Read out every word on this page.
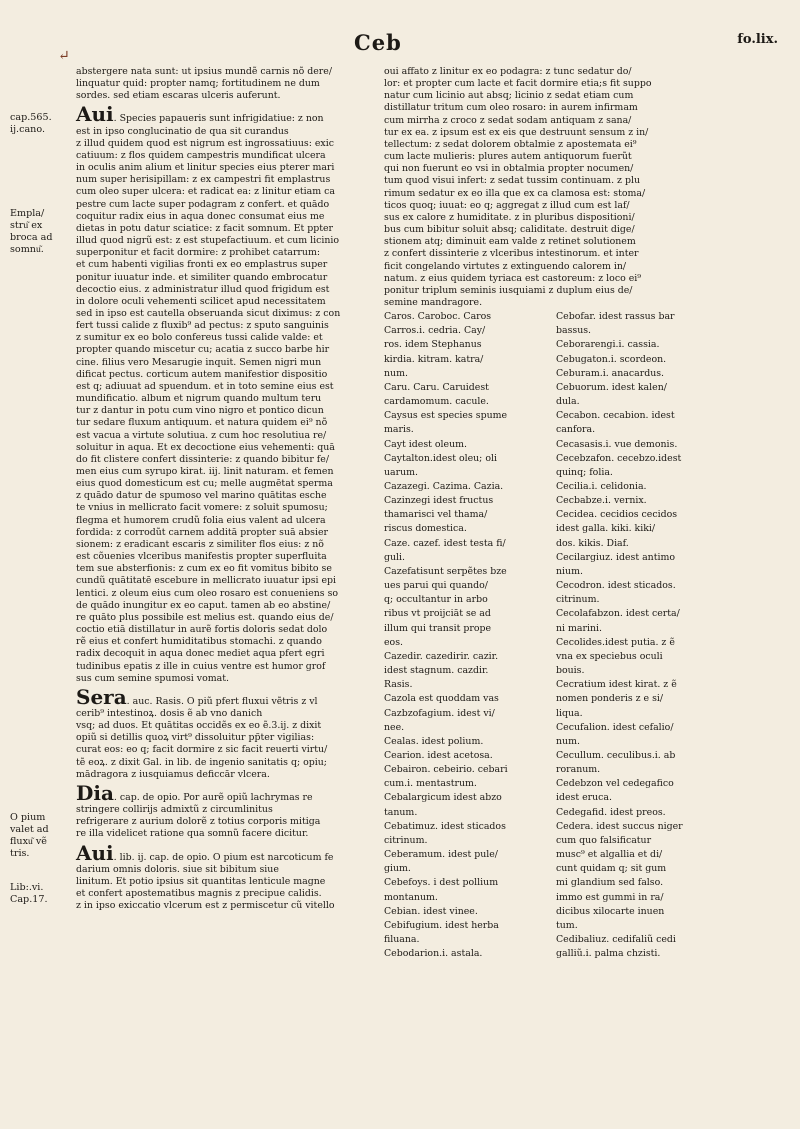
Ceb	fo.lix.
↵
cap.565.
ij.cano.
Empla/
stru͂ ex
broca ad
somnu͂.
O pium
valet ad
fluxu͂ vẽ
tris.
Lib:.vi.
Cap.17.
abstergere nata sunt: ut ipsius mundẽ carnis nõ dere/
linquatur quid: propter namq; fortitudinem ne dum
sordes. sed etiam escaras ulceris auferunt.
Aui. Species papaueris sunt infrigidatiue: z non
est in ipso conglucinatio de qua sit curandus
z illud quidem quod est nigrum est ingrossatiuus: exic
catiuum: z flos quidem campestris mundificat ulcera
in oculis anim alium et linitur species eius pterer mari
num super herisipillam: z ex campestri fit emplastrus
cum oleo super ulcera: et radicat ea: z linitur etiam ca
pestre cum lacte super podagram z confert. et quādo
coquitur radix eius in aqua donec consumat eius me
dietas in potu datur sciatice: z facit somnum. Et ppter
illud quod nigrũ est: z est stupefactiuum. et cum licinio
superponitur et facit dormire: z prohibet catarrum:
et cum habenti vigilias fronti ex eo emplastrus super
ponitur iuuatur inde. et similiter quando embrocatur
decoctio eius. z administratur illud quod frigidum est
in dolore oculi vehementi scilicet apud necessitatem
sed in ipso est cautella obseruanda sicut diximus: z con
fert tussi calide z fluxib⁹ ad pectus: z sputo sanguinis
z sumitur ex eo bolo confereus tussi calide valde: et
propter quando miscetur cu; acatia z succo barbe hir
cine. filius vero Mesarugie inquit. Semen nigri mun
dificat pectus. corticum autem manifestior dispositio
est q; adiuuat ad spuendum. et in toto semine eius est
mundificatio. album et nigrum quando multum teru
tur z dantur in potu cum vino nigro et pontico dicun
tur sedare fluxum antiquum. et natura quidem ei⁹ nõ
est vacua a virtute solutiua. z cum hoc resolutiua re/
soluitur in aqua. Et ex decoctione eius vehementi: quā
do fit clistere confert dissinterie: z quando bibitur fe/
men eius cum syrupo kirat. iij. linit naturam. et femen
eius quod domesticum est cu; melle augmētat sperma
z quādo datur de spumoso vel marino quātitas esche
te vnius in mellicrato facit vomere: z soluit spumosu;
flegma et humorem crudũ folia eius valent ad ulcera
fordida: z corrodũt carnem additā propter suā absier
sionem: z eradicant escaris z similiter flos eius: z nõ
est cõuenies vlceribus manifestis propter superfluita
tem sue absterfionis: z cum ex eo fit vomitus bibito se
cundũ quātitatē escebure in mellicrato iuuatur ipsi epi
lentici. z oleum eius cum oleo rosaro est conueniens so
de quādo inungitur ex eo caput. tamen ab eo abstine/
re quāto plus possibile est melius est. quando eius de/
coctio etiā distillatur in aurẽ fortis doloris sedat dolo
rẽ eius et confert humiditatibus stomachi. z quando
radix decoquit in aqua donec mediet aqua pfert egri
tudinibus epatis z ille in cuius ventre est humor grof
sus cum semine spumosi vomat.
Sera. auc. Rasis. O piũ pfert fluxui vẽtris z vl
cerib⁹ intestinoꝝ. dosis ẽ ab vno danich
vsq; ad duos. Et quātitas occidẽs ex eo ẽ.3.ij. z dixit
opiũ si detillis quoꝝ virt⁹ dissoluitur pp̃ter vigilias:
curat eos: eo q; facit dormire z sic facit reuerti virtu/
tẽ eoꝝ. z dixit Gal. in lib. de ingenio sanitatis q; opiu;
mādragora z iusquiamus deficcār vlcera.
Dia. cap. de opio. Por aurẽ opiũ lachrymas re
stringere collirijs admixtũ z circumlinitus
refrigerare z aurium dolorẽ z totius corporis mitiga
re illa videlicet ratione qua somnũ facere dicitur.
Aui. lib. ij. cap. de opio. O pium est narcoticum fe
darium omnis doloris. siue sit bibitum siue
linitum. Et potio ipsius sit quantitas lenticule magne
et confert apostematibus magnis z precipue calidis.
z in ipso exiccatio vlcerum est z permiscetur cũ vitello
oui affato z linitur ex eo podagra: z tunc sedatur do/
lor: et propter cum lacte et facit dormire etia;s fit suppo
natur cum licinio aut absq; licinio z sedat etiam cum
distillatur tritum cum oleo rosaro: in aurem infirmam
cum mirrha z croco z sedat sodam antiquam z sana/
tur ex ea. z ipsum est ex eis que destruunt sensum z in/
tellectum: z sedat dolorem obtalmie z apostemata ei⁹
cum lacte mulieris: plures autem antiquorum fuerũt
qui non fuerunt eo vsi in obtalmia propter nocumen/
tum quod visui infert: z sedat tussim continuam. z plu
rimum sedatur ex eo illa que ex ca clamosa est: stoma/
ticos quoq; iuuat: eo q; aggregat z illud cum est laf/
sus ex calore z humiditate. z in pluribus dispositioni/
bus cum bibitur soluit absq; caliditate. destruit dige/
stionem atq; diminuit eam valde z retinet solutionem
z confert dissinterie z vlceribus intestinorum. et inter
ficit congelando virtutes z extinguendo calorem in/
natum. z eius quidem tyriaca est castoreum: z loco ei⁹
ponitur triplum seminis iusquiami z duplum eius de/
semine mandragore.
Caros. Caroboc. Caros	Cebofar. idest rassus bar
Carros.i. cedria. Cay/	bassus.
ros. idem Stephanus	Ceborarengi.i. cassia.
kirdia. kitram. katra/	Cebugaton.i. scordeon.
num.	Ceburam.i. anacardus.
Caru. Caru. Caruidest	Cebuorum. idest kalen/
cardamomum. cacule.	dula.
Caysus est species spume	Cecabon. cecabion. idest
maris.	canfora.
Cayt idest oleum.	Cecasasis.i. vue demonis.
Caytalton.idest oleu; oli	Cecebzafon. cecebzo.idest
uarum.	quinq; folia.
Cazazegi. Cazima. Cazia.	Cecilia.i. celidonia.
Cazinzegi idest fructus	Cecbabze.i. vernix.
thamarisci vel thama/	Cecidea. cecidios cecidos
riscus domestica.	idest galla. kiki. kiki/
Caze. cazef. idest testa fi/	dos. kikis. Diaf.
guli.	Cecilargiuz. idest antimo
Cazefatisunt serpẽtes bze	nium.
ues parui qui quando/	Cecodron. idest sticados.
q; occultantur in arbo	citrinum.
ribus vt proijciāt se ad	Cecolafabzon. idest certa/
illum qui transit prope	ni marini.
eos.	Cecolides.idest putia. z ẽ
Cazedir. cazedirir. cazir.	vna ex speciebus oculi
idest stagnum. cazdir.	bouis.
Rasis.	Cecratium idest kirat. z ẽ
Cazola est quoddam vas	nomen ponderis z e si/
Cazbzofagium. idest vi/	liqua.
nee.	Cecufalion. idest cefalio/
Cealas. idest polium.	num.
Cearion. idest acetosa.	Cecullum. ceculibus.i. ab
Cebairon. cebeirio. cebari	roranum.
cum.i. mentastrum.	Cedebzon vel cedegafico
Cebalargicum idest abzo	idest eruca.
tanum.	Cedegafid. idest preos.
Cebatimuz. idest sticados	Cedera. idest succus niger
citrinum.	cum quo falsificatur
Ceberamum. idest pule/	musc⁹ et algallia et di/
gium.	cunt quidam q; sit gum
Cebefoys. i dest pollium	mi glandium sed falso.
montanum.	immo est gummi in ra/
Cebian. idest vinee.	dicibus xilocarte inuen
Cebifugium. idest herba	tum.
filuana.	Cedibaliuz. cedifaliũ cedi
Cebodarion.i. astala.	galliũ.i. palma chzisti.
